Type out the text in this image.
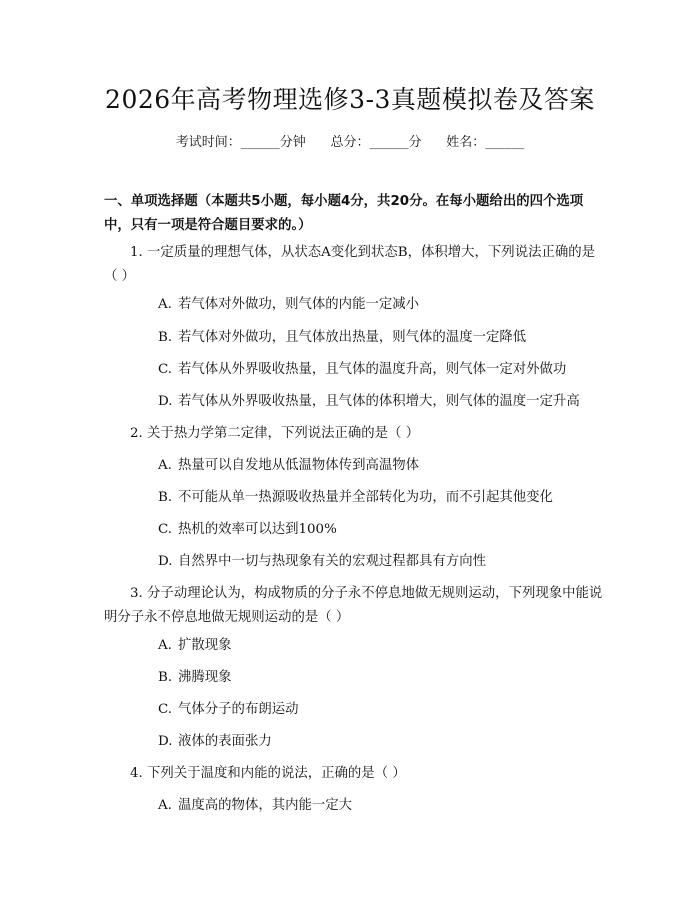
2026年高考物理选修3-3真题模拟卷及答案
考试时间：______分钟      总分：______分      姓名：______

一、单项选择题（本题共5小题，每小题4分，共20分。在每小题给出的四个选项中，只有一项是符合题目要求的。）

1. 一定质量的理想气体，从状态A变化到状态B，体积增大，下列说法正确的是（ ）

A. 若气体对外做功，则气体的内能一定减小
B. 若气体对外做功，且气体放出热量，则气体的温度一定降低
C. 若气体从外界吸收热量，且气体的温度升高，则气体一定对外做功
D. 若气体从外界吸收热量，且气体的体积增大，则气体的温度一定升高

2. 关于热力学第二定律，下列说法正确的是（ ）

A. 热量可以自发地从低温物体传到高温物体
B. 不可能从单一热源吸收热量并全部转化为功，而不引起其他变化
C. 热机的效率可以达到100%
D. 自然界中一切与热现象有关的宏观过程都具有方向性

3. 分子动理论认为，构成物质的分子永不停息地做无规则运动，下列现象中能说明分子永不停息地做无规则运动的是（ ）

A. 扩散现象
B. 沸腾现象
C. 气体分子的布朗运动
D. 液体的表面张力

4. 下列关于温度和内能的说法，正确的是（ ）

A. 温度高的物体，其内能一定大
